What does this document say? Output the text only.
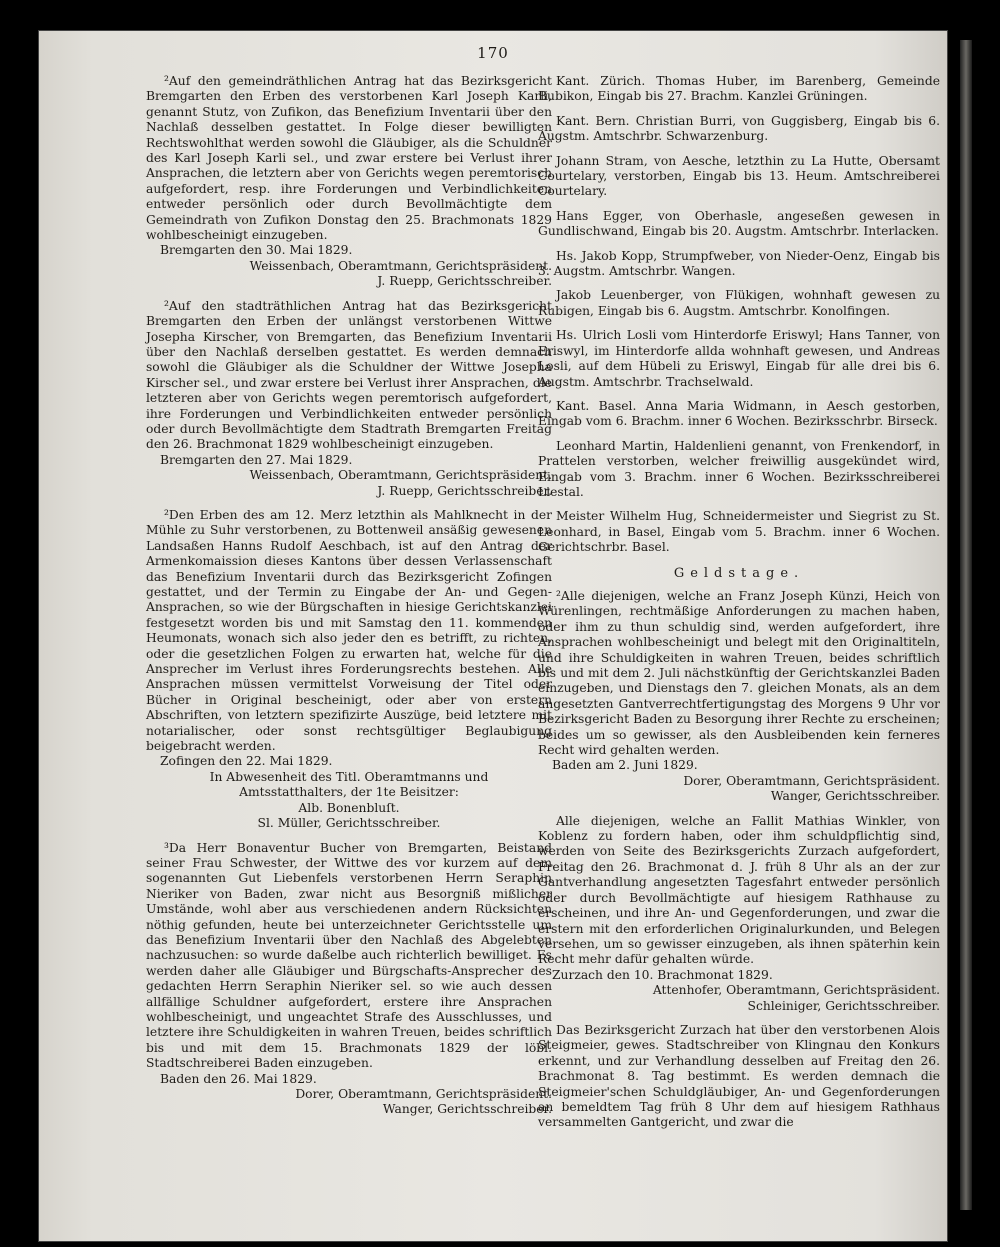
170

²Auf den gemeindräthlichen Antrag hat das Bezirksgericht Bremgarten den Erben des verstorbenen Karl Joseph Karli, genannt Stutz, von Zufikon, das Benefizium Inventarii über den Nachlaß desselben gestattet. In Folge dieser bewilligten Rechtswohlthat werden sowohl die Gläubiger, als die Schuldner des Karl Joseph Karli sel., und zwar erstere bei Verlust ihrer Ansprachen, die letztern aber von Gerichts wegen peremtorisch aufgefordert, resp. ihre Forderungen und Verbindlichkeiten entweder persönlich oder durch Bevollmächtigte dem Gemeindrath von Zufikon Donstag den 25. Brachmonats 1829 wohlbescheinigt einzugeben.

Bremgarten den 30. Mai 1829.

Weissenbach, Oberamtmann, Gerichtspräsident.

J. Ruepp, Gerichtsschreiber.

²Auf den stadträthlichen Antrag hat das Bezirksgericht Bremgarten den Erben der unlängst verstorbenen Wittwe Josepha Kirscher, von Bremgarten, das Benefizium Inventarii über den Nachlaß derselben gestattet. Es werden demnach sowohl die Gläubiger als die Schuldner der Wittwe Josepha Kirscher sel., und zwar erstere bei Verlust ihrer Ansprachen, die letzteren aber von Gerichts wegen peremtorisch aufgefordert, ihre Forderungen und Verbindlichkeiten entweder persönlich oder durch Bevollmächtigte dem Stadtrath Bremgarten Freitag den 26. Brachmonat 1829 wohlbescheinigt einzugeben.

Bremgarten den 27. Mai 1829.

Weissenbach, Oberamtmann, Gerichtspräsident.

J. Ruepp, Gerichtsschreiber.

²Den Erben des am 12. Merz letzthin als Mahlknecht in der Mühle zu Suhr verstorbenen, zu Bottenweil ansäßig gewesenen Landsaßen Hanns Rudolf Aeschbach, ist auf den Antrag der Armenkomaission dieses Kantons über dessen Verlassenschaft das Benefizium Inventarii durch das Bezirksgericht Zofingen gestattet, und der Termin zu Eingabe der An- und Gegen-Ansprachen, so wie der Bürgschaften in hiesige Gerichtskanzlei festgesetzt worden bis und mit Samstag den 11. kommenden Heumonats, wonach sich also jeder den es betrifft, zu richten, oder die gesetzlichen Folgen zu erwarten hat, welche für die Ansprecher im Verlust ihres Forderungsrechts bestehen. Alle Ansprachen müssen vermittelst Vorweisung der Titel oder Bücher in Original bescheinigt, oder aber von erstern Abschriften, von letztern spezifizirte Auszüge, beid letztere mit notarialischer, oder sonst rechtsgültiger Beglaubigung beigebracht werden.

Zofingen den 22. Mai 1829.

In Abwesenheit des Titl. Oberamtmanns und

Amtsstatthalters, der 1te Beisitzer:

Alb. Bonenbluſt.

Sl. Müller, Gerichtsschreiber.

³Da Herr Bonaventur Bucher von Bremgarten, Beistand seiner Frau Schwester, der Wittwe des vor kurzem auf dem sogenannten Gut Liebenfels verstorbenen Herrn Seraphin Nieriker von Baden, zwar nicht aus Besorgniß mißlicher Umstände, wohl aber aus verschiedenen andern Rücksichten nöthig gefunden, heute bei unterzeichneter Gerichtsstelle um das Benefizium Inventarii über den Nachlaß des Abgelebten nachzusuchen: so wurde daßelbe auch richterlich bewilliget. Es werden daher alle Gläubiger und Bürgschafts-Ansprecher des gedachten Herrn Seraphin Nieriker sel. so wie auch dessen allfällige Schuldner aufgefordert, erstere ihre Ansprachen wohlbescheinigt, und ungeachtet Strafe des Ausschlusses, und letztere ihre Schuldigkeiten in wahren Treuen, beides schriftlich bis und mit dem 15. Brachmonats 1829 der löbl. Stadtschreiberei Baden einzugeben.

Baden den 26. Mai 1829.

Dorer, Oberamtmann, Gerichtspräsident.

Wanger, Gerichtsschreiber.

Kant. Zürich. Thomas Huber, im Barenberg, Gemeinde Bubikon, Eingab bis 27. Brachm. Kanzlei Grüningen.

Kant. Bern. Christian Burri, von Guggisberg, Eingab bis 6. Augstm. Amtschrbr. Schwarzenburg.

Johann Stram, von Aesche, letzthin zu La Hutte, Obersamt Courtelary, verstorben, Eingab bis 13. Heum. Amtschreiberei Courtelary.

Hans Egger, von Oberhasle, angeseßen gewesen in Gundlischwand, Eingab bis 20. Augstm. Amtschrbr. Interlacken.

Hs. Jakob Kopp, Strumpfweber, von Nieder-Oenz, Eingab bis 3. Augstm. Amtschrbr. Wangen.

Jakob Leuenberger, von Flükigen, wohnhaft gewesen zu Rubigen, Eingab bis 6. Augstm. Amtschrbr. Konolfingen.

Hs. Ulrich Losli vom Hinterdorfe Eriswyl; Hans Tanner, von Eriswyl, im Hinterdorfe allda wohnhaft gewesen, und Andreas Losli, auf dem Hübeli zu Eriswyl, Eingab für alle drei bis 6. Augstm. Amtschrbr. Trachselwald.

Kant. Basel. Anna Maria Widmann, in Aesch gestorben, Eingab vom 6. Brachm. inner 6 Wochen. Bezirksschrbr. Birseck.

Leonhard Martin, Haldenlieni genannt, von Frenkendorf, in Prattelen verstorben, welcher freiwillig ausgekündet wird, Eingab vom 3. Brachm. inner 6 Wochen. Bezirksschreiberei Liestal.

Meister Wilhelm Hug, Schneidermeister und Siegrist zu St. Leonhard, in Basel, Eingab vom 5. Brachm. inner 6 Wochen. Gerichtschrbr. Basel.

Geldstage.

²Alle diejenigen, welche an Franz Joseph Künzi, Heich von Würenlingen, rechtmäßige Anforderungen zu machen haben, oder ihm zu thun schuldig sind, werden aufgefordert, ihre Ansprachen wohlbescheinigt und belegt mit den Originaltiteln, und ihre Schuldigkeiten in wahren Treuen, beides schriftlich bis und mit dem 2. Juli nächstkünftig der Gerichtskanzlei Baden einzugeben, und Dienstags den 7. gleichen Monats, als an dem angesetzten Gantverrechtfertigungstag des Morgens 9 Uhr vor Bezirksgericht Baden zu Besorgung ihrer Rechte zu erscheinen; beides um so gewisser, als den Ausbleibenden kein ferneres Recht wird gehalten werden.

Baden am 2. Juni 1829.

Dorer, Oberamtmann, Gerichtspräsident.

Wanger, Gerichtsschreiber.

Alle diejenigen, welche an Fallit Mathias Winkler, von Koblenz zu fordern haben, oder ihm schuldpflichtig sind, werden von Seite des Bezirksgerichts Zurzach aufgefordert, Freitag den 26. Brachmonat d. J. früh 8 Uhr als an der zur Gantverhandlung angesetzten Tagesfahrt entweder persönlich oder durch Bevollmächtigte auf hiesigem Rathhause zu erscheinen, und ihre An- und Gegenforderungen, und zwar die erstern mit den erforderlichen Originalurkunden, und Belegen versehen, um so gewisser einzugeben, als ihnen späterhin kein Recht mehr dafür gehalten würde.

Zurzach den 10. Brachmonat 1829.

Attenhofer, Oberamtmann, Gerichtspräsident.

Schleiniger, Gerichtsschreiber.

Das Bezirksgericht Zurzach hat über den verstorbenen Alois Steigmeier, gewes. Stadtschreiber von Klingnau den Konkurs erkennt, und zur Verhandlung desselben auf Freitag den 26. Brachmonat 8. Tag bestimmt. Es werden demnach die Steigmeier'schen Schuldgläubiger, An- und Gegenforderungen an bemeldtem Tag früh 8 Uhr dem auf hiesigem Rathhaus versammelten Gantgericht, und zwar die
